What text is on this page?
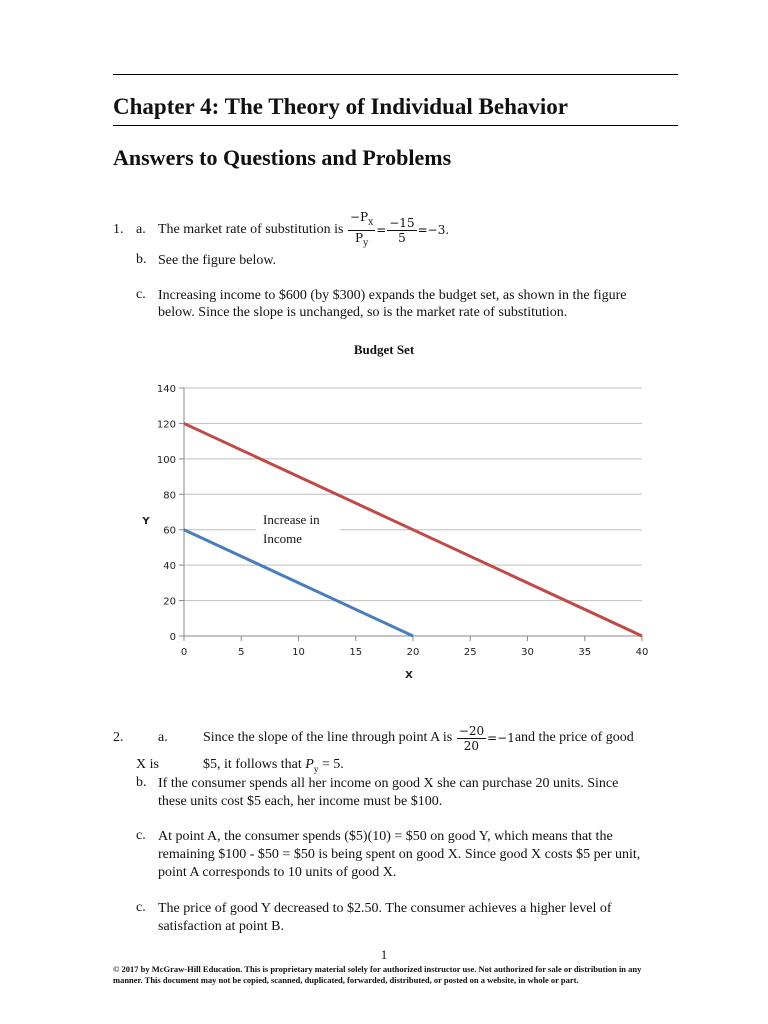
Chapter 4: The Theory of Individual Behavior
Answers to Questions and Problems
1. a. The market rate of substitution is
$\frac{-P_x}{P_y} = \frac{-15}{5} =-3$.
b. See the figure below.
c. Increasing income to $600 (by $300) expands the budget set, as shown in the figure
below. Since the slope is unchanged, so is the market rate of substitution.
Budget Set
0
20
40
60
80
100
120
140
0	5	10	15	20	25	30	35	40
Y
X
Increase in
Income
2. a.	Since the slope of the line through point A is
$\frac{-20}{20} =-1$ and the price of good
X is	$5, it follows that $P_y = 5$.
b. If the consumer spends all her income on good X she can purchase 20 units. Since
these units cost $5 each, her income must be $100.
c. At point A, the consumer spends ($5)(10) = $50 on good Y, which means that the
remaining $100 - $50 = $50 is being spent on good X. Since good X costs $5 per unit,
point A corresponds to 10 units of good X.
c. The price of good Y decreased to $2.50. The consumer achieves a higher level of
satisfaction at point B.
1
© 2017 by McGraw-Hill Education. This is proprietary material solely for authorized instructor use. Not authorized for sale or distribution in any
manner. This document may not be copied, scanned, duplicated, forwarded, distributed, or posted on a website, in whole or part.
